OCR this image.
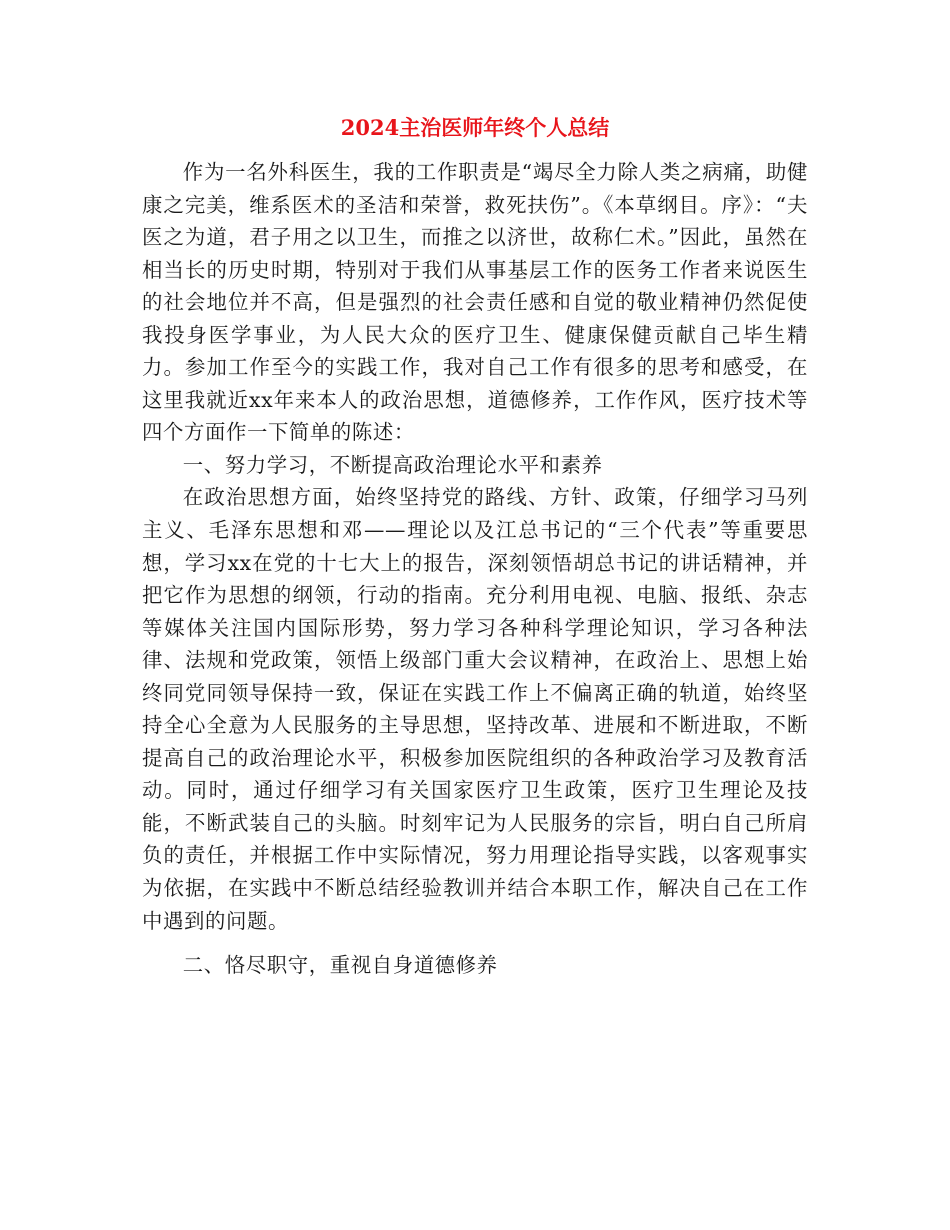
2024主治医师年终个人总结

作为一名外科医生，我的工作职责是“竭尽全力除人类之病痛，助健康之完美，维系医术的圣洁和荣誉，救死扶伤”。《本草纲目。序》：“夫医之为道，君子用之以卫生，而推之以济世，故称仁术。”因此，虽然在相当长的历史时期，特别对于我们从事基层工作的医务工作者来说医生的社会地位并不高，但是强烈的社会责任感和自觉的敬业精神仍然促使我投身医学事业，为人民大众的医疗卫生、健康保健贡献自己毕生精力。参加工作至今的实践工作，我对自己工作有很多的思考和感受，在这里我就近xx年来本人的政治思想，道德修养，工作作风，医疗技术等四个方面作一下简单的陈述：

一、努力学习，不断提高政治理论水平和素养

在政治思想方面，始终坚持党的路线、方针、政策，仔细学习马列主义、毛泽东思想和邓——理论以及江总书记的“三个代表”等重要思想，学习xx在党的十七大上的报告，深刻领悟胡总书记的讲话精神，并把它作为思想的纲领，行动的指南。充分利用电视、电脑、报纸、杂志等媒体关注国内国际形势，努力学习各种科学理论知识，学习各种法律、法规和党政策，领悟上级部门重大会议精神，在政治上、思想上始终同党同领导保持一致，保证在实践工作上不偏离正确的轨道，始终坚持全心全意为人民服务的主导思想，坚持改革、进展和不断进取，不断提高自己的政治理论水平，积极参加医院组织的各种政治学习及教育活动。同时，通过仔细学习有关国家医疗卫生政策，医疗卫生理论及技能，不断武装自己的头脑。时刻牢记为人民服务的宗旨，明白自己所肩负的责任，并根据工作中实际情况，努力用理论指导实践，以客观事实为依据，在实践中不断总结经验教训并结合本职工作，解决自己在工作中遇到的问题。

二、恪尽职守，重视自身道德修养
